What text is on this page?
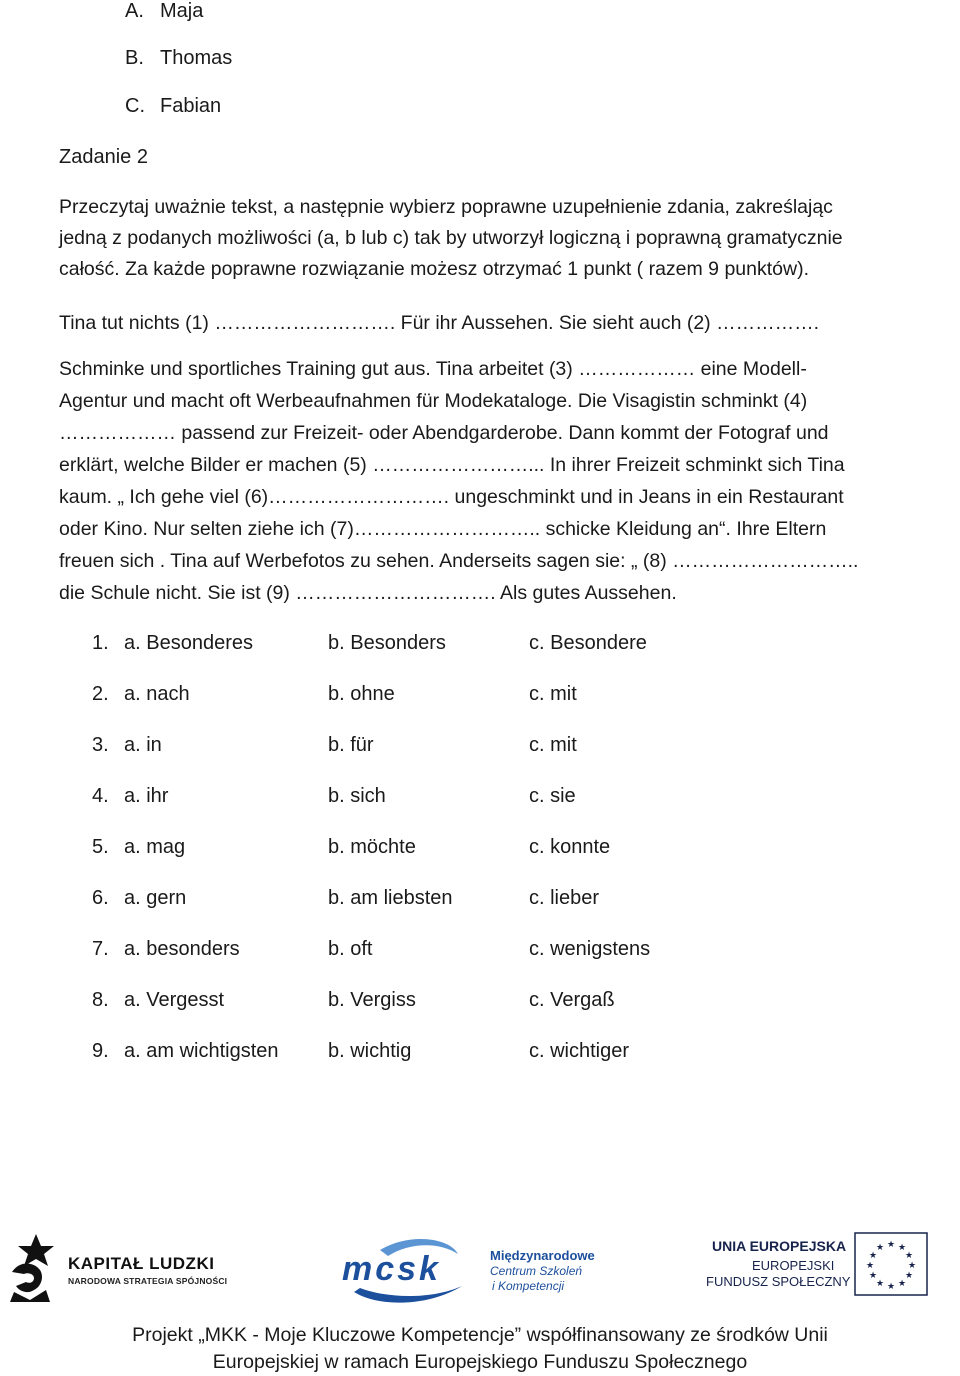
A. Maja
B. Thomas
C. Fabian
Zadanie 2
Przeczytaj uważnie tekst, a następnie wybierz poprawne uzupełnienie zdania, zakreślając
jedną z podanych możliwości (a, b lub c) tak by utworzył logiczną i poprawną gramatycznie
całość. Za każde poprawne rozwiązanie możesz otrzymać 1 punkt ( razem 9 punktów).
Tina tut nichts (1) ………………………. Für ihr Aussehen. Sie sieht auch (2) …………….
Schminke und sportliches Training gut aus. Tina arbeitet (3) ……………… eine Modell-
Agentur und macht oft Werbeaufnahmen für Modekataloge. Die Visagistin schminkt (4)
……………… passend zur Freizeit- oder Abendgarderobe. Dann kommt der Fotograf und
erklärt, welche Bilder er machen (5) ……………………... In ihrer Freizeit schminkt sich Tina
kaum. „ Ich gehe viel (6)………………………. ungeschminkt und in Jeans in ein Restaurant
oder Kino. Nur selten ziehe ich (7)……………………….. schicke Kleidung an“. Ihre Eltern
freuen sich . Tina auf Werbefotos zu sehen. Anderseits sagen sie: „ (8) ………………………..
die Schule nicht. Sie ist (9) …………………………. Als gutes Aussehen.
1. a. Besonderes	b. Besonders	c. Besondere
2. a. nach	b. ohne	c. mit
3. a. in	b. für	c. mit
4. a. ihr	b. sich	c. sie
5. a. mag	b. möchte	c. konnte
6. a. gern	b. am liebsten	c. lieber
7. a. besonders	b. oft	c. wenigstens
8. a. Vergesst	b. Vergiss	c. Vergaß
9. a. am wichtigsten b. wichtig	c. wichtiger
KAPITAŁ LUDZKI
NARODOWA STRATEGIA SPÓJNOŚCI	mcsk	Międzynarodowe
Centrum Szkoleń
i Kompetencji
UNIA EUROPEJSKA
EUROPEJSKI
FUNDUSZ SPOŁECZNY
★ ★
★
★
★
★
★
★
★
★
★
★
Projekt „MKK - Moje Kluczowe Kompetencje” współfinansowany ze środków Unii
Europejskiej w ramach Europejskiego Funduszu Społecznego
